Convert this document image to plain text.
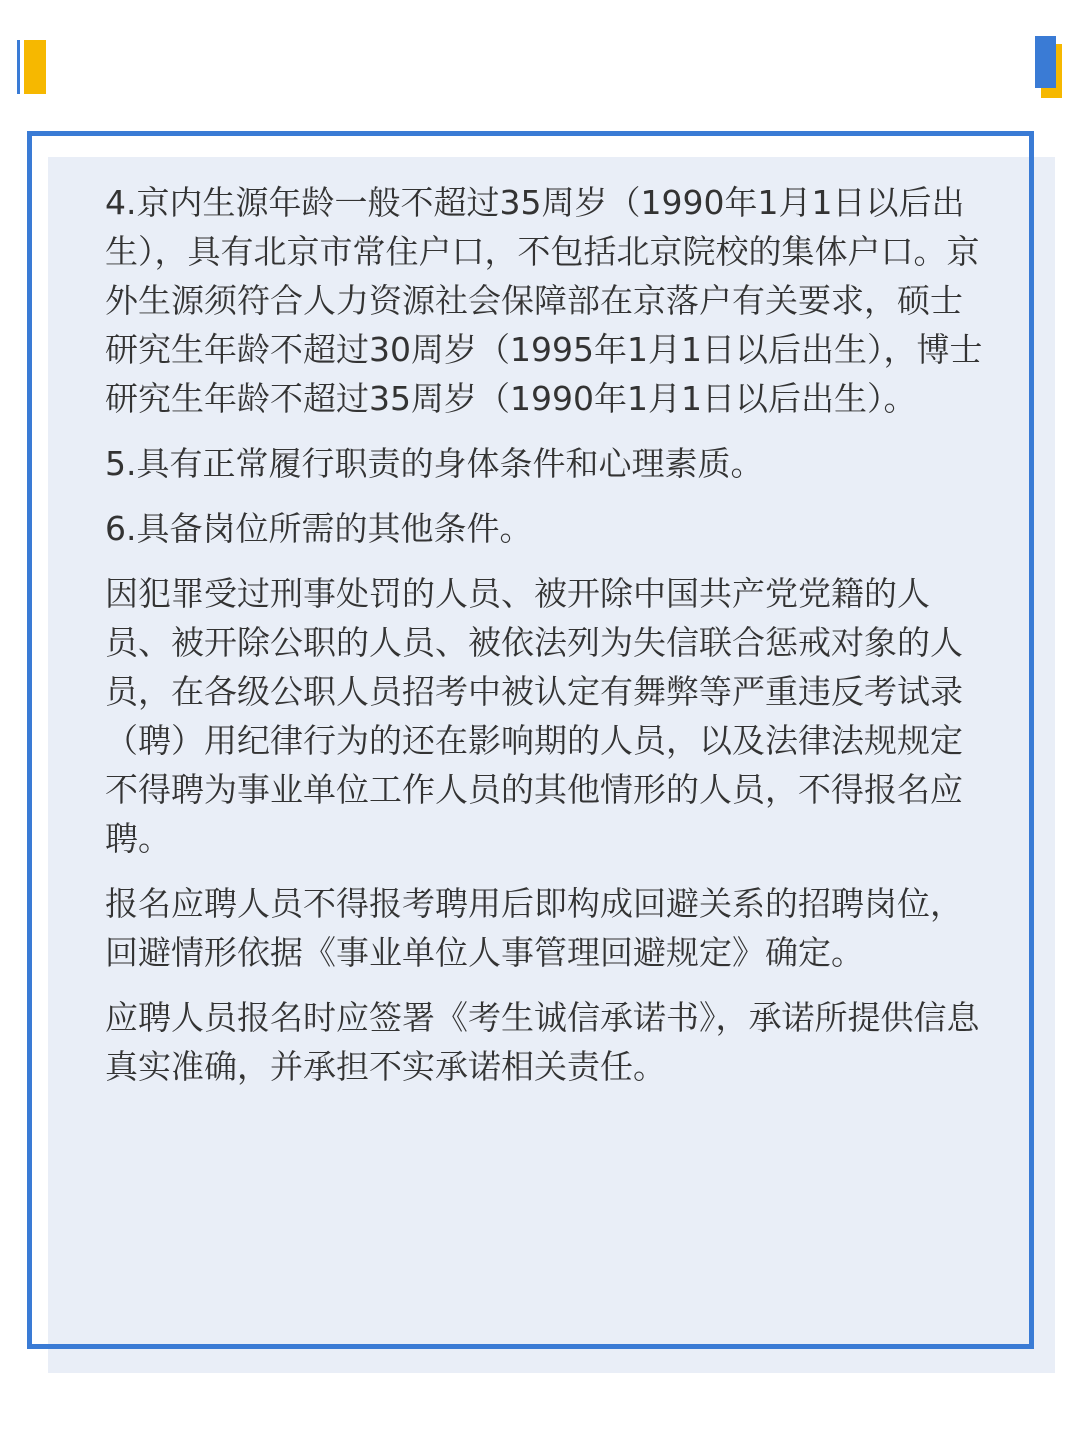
4.京内生源年龄一般不超过35周岁（1990年1月1日以后出生），具有北京市常住户口，不包括北京院校的集体户口。京外生源须符合人力资源社会保障部在京落户有关要求，硕士研究生年龄不超过30周岁（1995年1月1日以后出生），博士研究生年龄不超过35周岁（1990年1月1日以后出生）。

5.具有正常履行职责的身体条件和心理素质。

6.具备岗位所需的其他条件。

因犯罪受过刑事处罚的人员、被开除中国共产党党籍的人员、被开除公职的人员、被依法列为失信联合惩戒对象的人员，在各级公职人员招考中被认定有舞弊等严重违反考试录（聘）用纪律行为的还在影响期的人员，以及法律法规规定不得聘为事业单位工作人员的其他情形的人员，不得报名应聘。

报名应聘人员不得报考聘用后即构成回避关系的招聘岗位，回避情形依据《事业单位人事管理回避规定》确定。

应聘人员报名时应签署《考生诚信承诺书》，承诺所提供信息真实准确，并承担不实承诺相关责任。
